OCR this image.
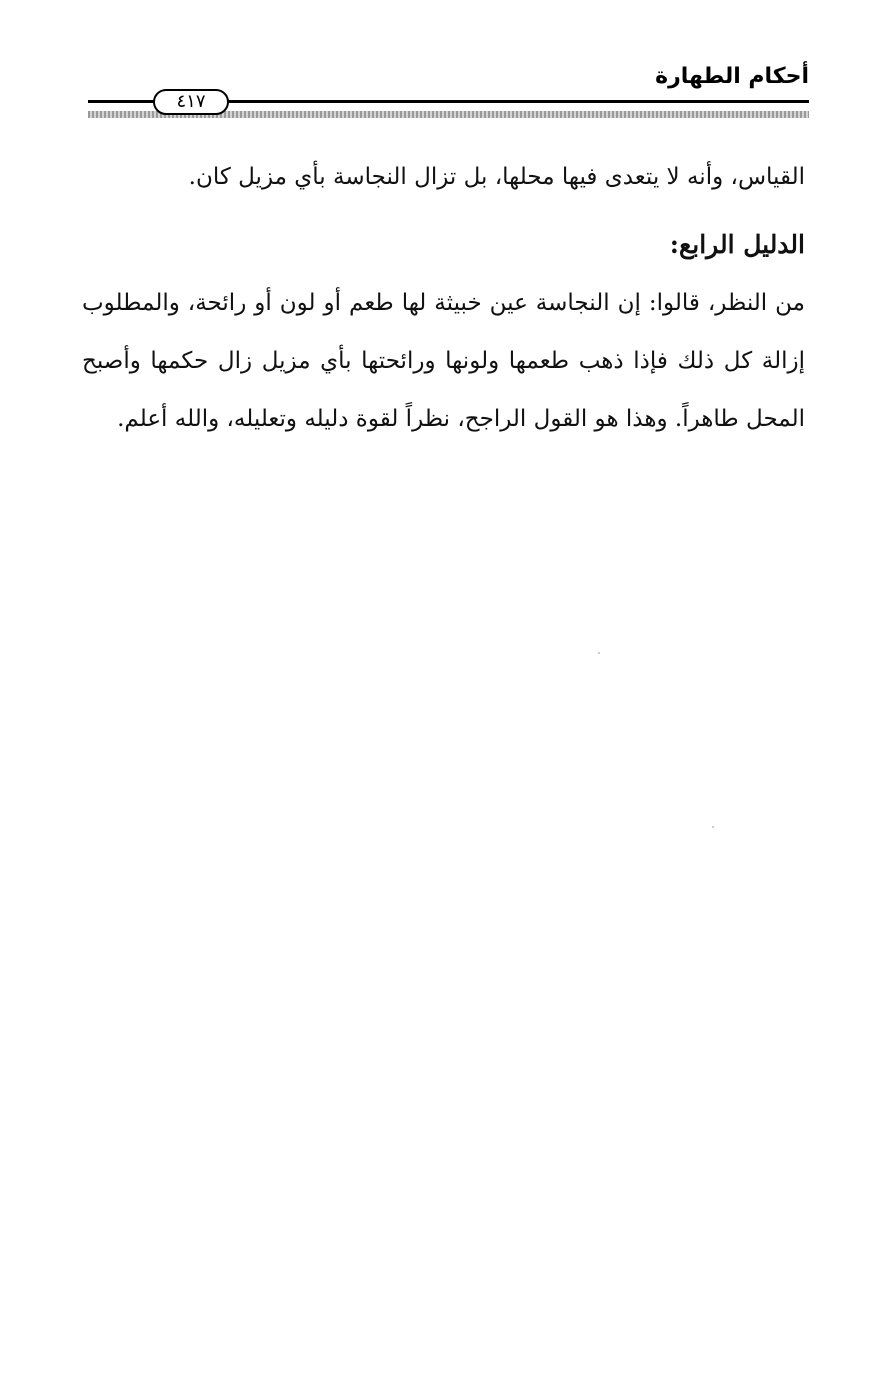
أحكام الطهارة
٤١٧

القياس، وأنه لا يتعدى فيها محلها، بل تزال النجاسة بأي مزيل كان.

الدليل الرابع:

من النظر، قالوا: إن النجاسة عين خبيثة لها طعم أو لون أو رائحة، والمطلوب إزالة كل ذلك فإذا ذهب طعمها ولونها ورائحتها بأي مزيل زال حكمها وأصبح المحل طاهراً. وهذا هو القول الراجح، نظراً لقوة دليله وتعليله، والله أعلم.
